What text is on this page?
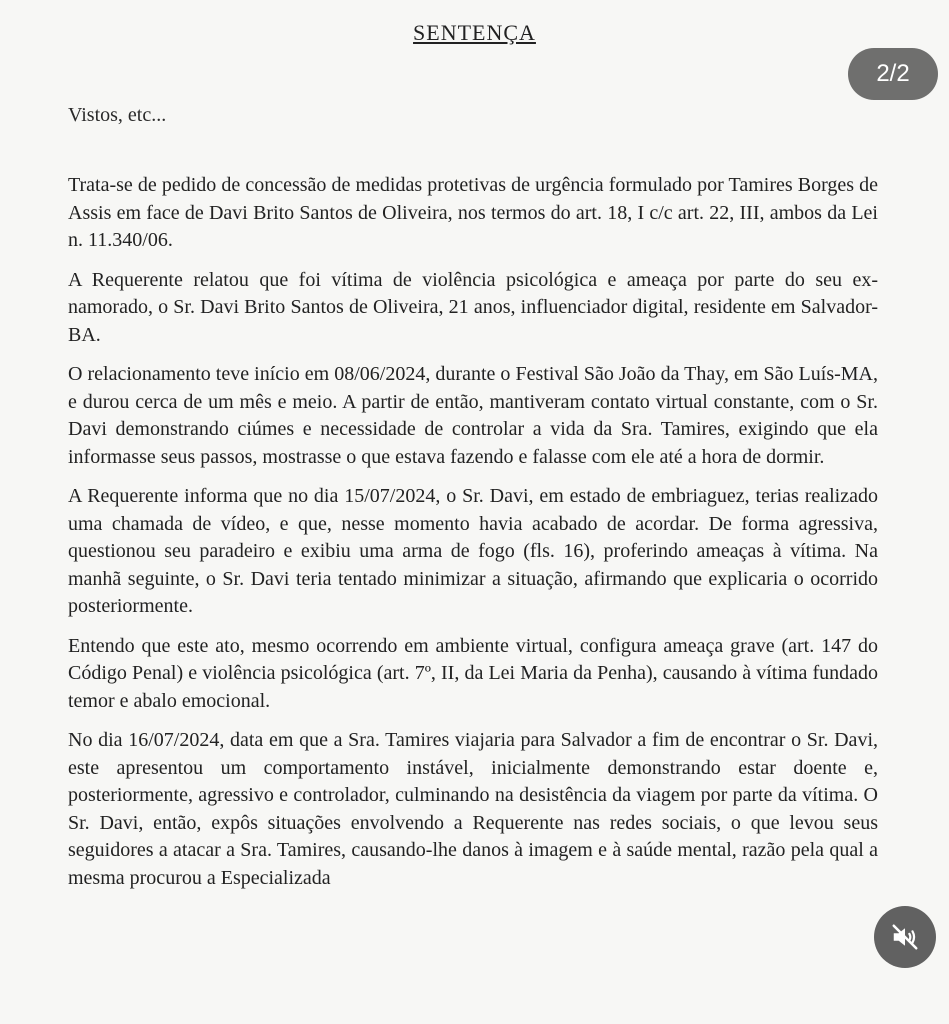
SENTENÇA
Vistos, etc...

Trata-se de pedido de concessão de medidas protetivas de urgência formulado por Tamires Borges de Assis em face de Davi Brito Santos de Oliveira, nos termos do art. 18, I c/c art. 22, III, ambos da Lei n. 11.340/06.

A Requerente relatou que foi vítima de violência psicológica e ameaça por parte do seu ex-namorado, o Sr. Davi Brito Santos de Oliveira, 21 anos, influenciador digital, residente em Salvador-BA.

O relacionamento teve início em 08/06/2024, durante o Festival São João da Thay, em São Luís-MA, e durou cerca de um mês e meio. A partir de então, mantiveram contato virtual constante, com o Sr. Davi demonstrando ciúmes e necessidade de controlar a vida da Sra. Tamires, exigindo que ela informasse seus passos, mostrasse o que estava fazendo e falasse com ele até a hora de dormir.

A Requerente informa que no dia 15/07/2024, o Sr. Davi, em estado de embriaguez, terias realizado uma chamada de vídeo, e que, nesse momento havia acabado de acordar. De forma agressiva, questionou seu paradeiro e exibiu uma arma de fogo (fls. 16), proferindo ameaças à vítima. Na manhã seguinte, o Sr. Davi teria tentado minimizar a situação, afirmando que explicaria o ocorrido posteriormente.

Entendo que este ato, mesmo ocorrendo em ambiente virtual, configura ameaça grave (art. 147 do Código Penal) e violência psicológica (art. 7º, II, da Lei Maria da Penha), causando à vítima fundado temor e abalo emocional.

No dia 16/07/2024, data em que a Sra. Tamires viajaria para Salvador a fim de encontrar o Sr. Davi, este apresentou um comportamento instável, inicialmente demonstrando estar doente e, posteriormente, agressivo e controlador, culminando na desistência da viagem por parte da vítima. O Sr. Davi, então, expôs situações envolvendo a Requerente nas redes sociais, o que levou seus seguidores a atacar a Sra. Tamires, causando-lhe danos à imagem e à saúde mental, razão pela qual a mesma procurou a Especializada

2/2
